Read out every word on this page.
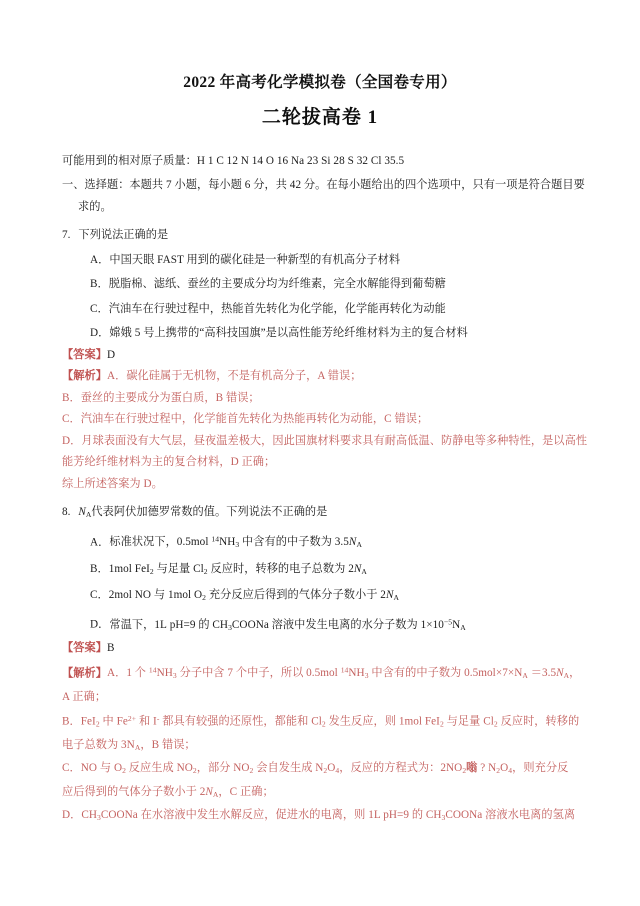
2022 年高考化学模拟卷（全国卷专用）
二轮拔高卷 1
可能用到的相对原子质量：H 1 C 12 N 14 O 16 Na 23 Si 28 S 32 Cl 35.5
一、选择题：本题共 7 小题，每小题 6 分，共 42 分。在每小题给出的四个选项中，只有一项是符合题目要
求的。
7. 下列说法正确的是
A．中国天眼 FAST 用到的碳化硅是一种新型的有机高分子材料
B．脱脂棉、滤纸、蚕丝的主要成分均为纤维素，完全水解能得到葡萄糖
C．汽油车在行驶过程中，热能首先转化为化学能，化学能再转化为动能
D．嫦娥 5 号上携带的“高科技国旗”是以高性能芳纶纤维材料为主的复合材料
【答案】D
【解析】A．碳化硅属于无机物，不是有机高分子，A 错误；
B．蚕丝的主要成分为蛋白质，B 错误；
C．汽油车在行驶过程中，化学能首先转化为热能再转化为动能，C 错误；
D．月球表面没有大气层，昼夜温差极大，因此国旗材料要求具有耐高低温、防静电等多种特性，是以高性
能芳纶纤维材料为主的复合材料，D 正确；
综上所述答案为 D。
8. $N_A$代表阿伏加德罗常数的值。下列说法不正确的是
A．标准状况下，0.5mol $^{14}NH_3$ 中含有的中子数为 $3.5N_A$
B．1mol FeI$_2$ 与足量 $Cl_2$ 反应时，转移的电子总数为 $2N_A$
C．2mol NO 与 1mol $O_2$ 充分反应后得到的气体分子数小于 $2N_A$
D．常温下，1L pH=9 的 $CH_3COONa$ 溶液中发生电离的水分子数为 $1\times 10^{-5}N_A$
【答案】B
【解析】A．1 个 $^{14}NH_3$ 分子中含 7 个中子，所以 0.5mol $^{14}NH_3$ 中含有的中子数为 $0.5mol\times 7\times N_A =3.5N_A$，
A 正确；
B．FeI$_2$ 中 $Fe^{2+}$ 和 I- 都具有较强的还原性，都能和 $Cl_2$ 发生反应，则 1mol FeI$_2$ 与足量 $Cl_2$ 反应时，转移的
电子总数为 $3N_A$，B 错误；
C．NO 与 $O_2$ 反应生成 $NO_2$，部分 $NO_2$ 会自发生成 $N_2O_4$，反应的方程式为：$2NO_2$嗡 ? $N_2O_4$，则充分反
应后得到的气体分子数小于 $2N_A$，C 正确；
D．$CH_3COONa$ 在水溶液中发生水解反应，促进水的电离，则 1L pH=9 的 $CH_3COONa$ 溶液水电离的氢离
